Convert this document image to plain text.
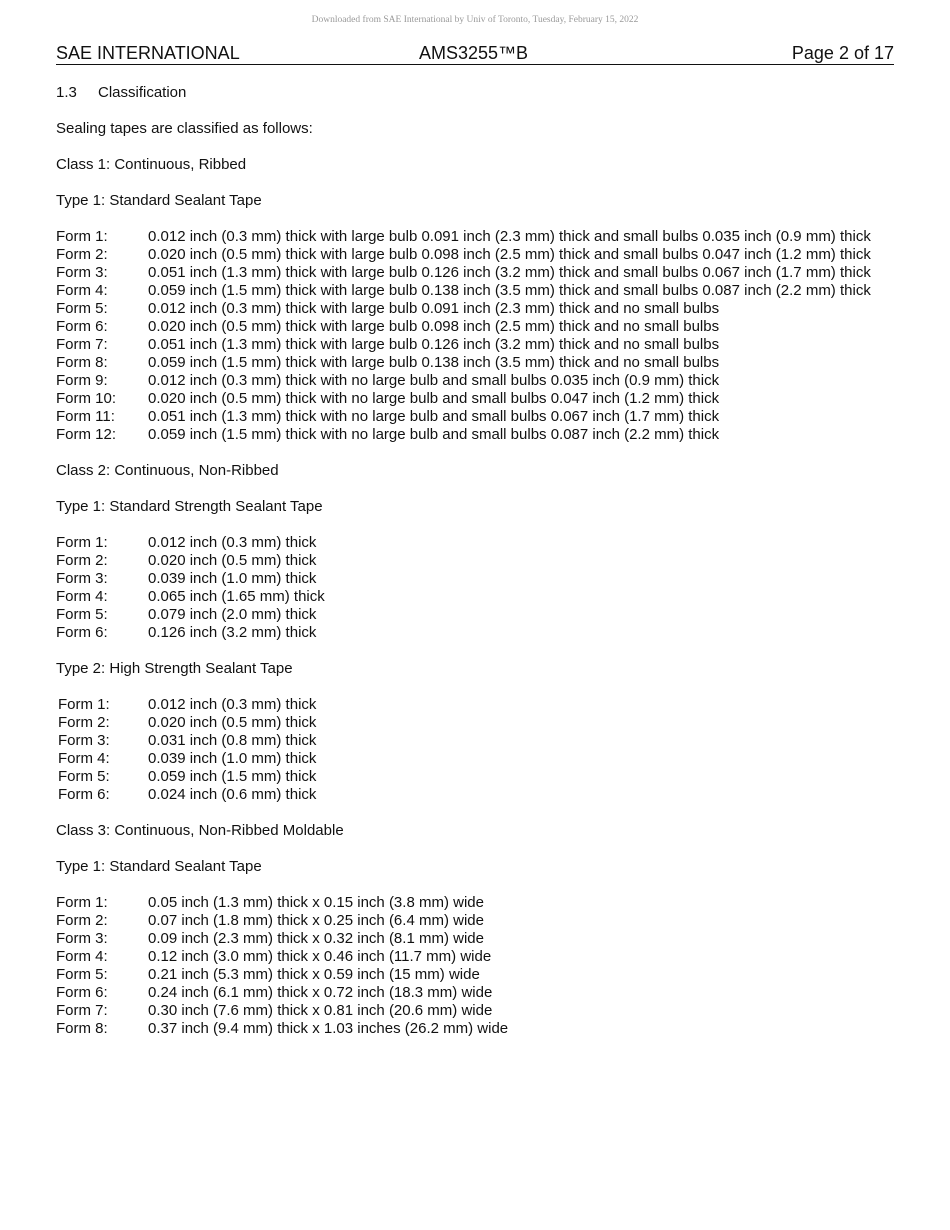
Downloaded from SAE International by Univ of Toronto, Tuesday, February 15, 2022
SAE INTERNATIONAL	AMS3255™B	Page 2 of 17
1.3 Classification
Sealing tapes are classified as follows:
Class 1: Continuous, Ribbed
Type 1: Standard Sealant Tape
Form 1:	0.012 inch (0.3 mm) thick with large bulb 0.091 inch (2.3 mm) thick and small bulbs 0.035 inch (0.9 mm) thick
Form 2:	0.020 inch (0.5 mm) thick with large bulb 0.098 inch (2.5 mm) thick and small bulbs 0.047 inch (1.2 mm) thick
Form 3:	0.051 inch (1.3 mm) thick with large bulb 0.126 inch (3.2 mm) thick and small bulbs 0.067 inch (1.7 mm) thick
Form 4:	0.059 inch (1.5 mm) thick with large bulb 0.138 inch (3.5 mm) thick and small bulbs 0.087 inch (2.2 mm) thick
Form 5:	0.012 inch (0.3 mm) thick with large bulb 0.091 inch (2.3 mm) thick and no small bulbs
Form 6:	0.020 inch (0.5 mm) thick with large bulb 0.098 inch (2.5 mm) thick and no small bulbs
Form 7:	0.051 inch (1.3 mm) thick with large bulb 0.126 inch (3.2 mm) thick and no small bulbs
Form 8:	0.059 inch (1.5 mm) thick with large bulb 0.138 inch (3.5 mm) thick and no small bulbs
Form 9:	0.012 inch (0.3 mm) thick with no large bulb and small bulbs 0.035 inch (0.9 mm) thick
Form 10:	0.020 inch (0.5 mm) thick with no large bulb and small bulbs 0.047 inch (1.2 mm) thick
Form 11:	0.051 inch (1.3 mm) thick with no large bulb and small bulbs 0.067 inch (1.7 mm) thick
Form 12:	0.059 inch (1.5 mm) thick with no large bulb and small bulbs 0.087 inch (2.2 mm) thick
Class 2: Continuous, Non-Ribbed
Type 1: Standard Strength Sealant Tape
Form 1:	0.012 inch (0.3 mm) thick
Form 2:	0.020 inch (0.5 mm) thick
Form 3:	0.039 inch (1.0 mm) thick
Form 4:	0.065 inch (1.65 mm) thick
Form 5:	0.079 inch (2.0 mm) thick
Form 6:	0.126 inch (3.2 mm) thick
Type 2: High Strength Sealant Tape
Form 1:	0.012 inch (0.3 mm) thick
Form 2:	0.020 inch (0.5 mm) thick
Form 3:	0.031 inch (0.8 mm) thick
Form 4:	0.039 inch (1.0 mm) thick
Form 5:	0.059 inch (1.5 mm) thick
Form 6:	0.024 inch (0.6 mm) thick
Class 3: Continuous, Non-Ribbed Moldable
Type 1: Standard Sealant Tape
Form 1:	0.05 inch (1.3 mm) thick x 0.15 inch (3.8 mm) wide
Form 2:	0.07 inch (1.8 mm) thick x 0.25 inch (6.4 mm) wide
Form 3:	0.09 inch (2.3 mm) thick x 0.32 inch (8.1 mm) wide
Form 4:	0.12 inch (3.0 mm) thick x 0.46 inch (11.7 mm) wide
Form 5:	0.21 inch (5.3 mm) thick x 0.59 inch (15 mm) wide
Form 6:	0.24 inch (6.1 mm) thick x 0.72 inch (18.3 mm) wide
Form 7:	0.30 inch (7.6 mm) thick x 0.81 inch (20.6 mm) wide
Form 8:	0.37 inch (9.4 mm) thick x 1.03 inches (26.2 mm) wide
